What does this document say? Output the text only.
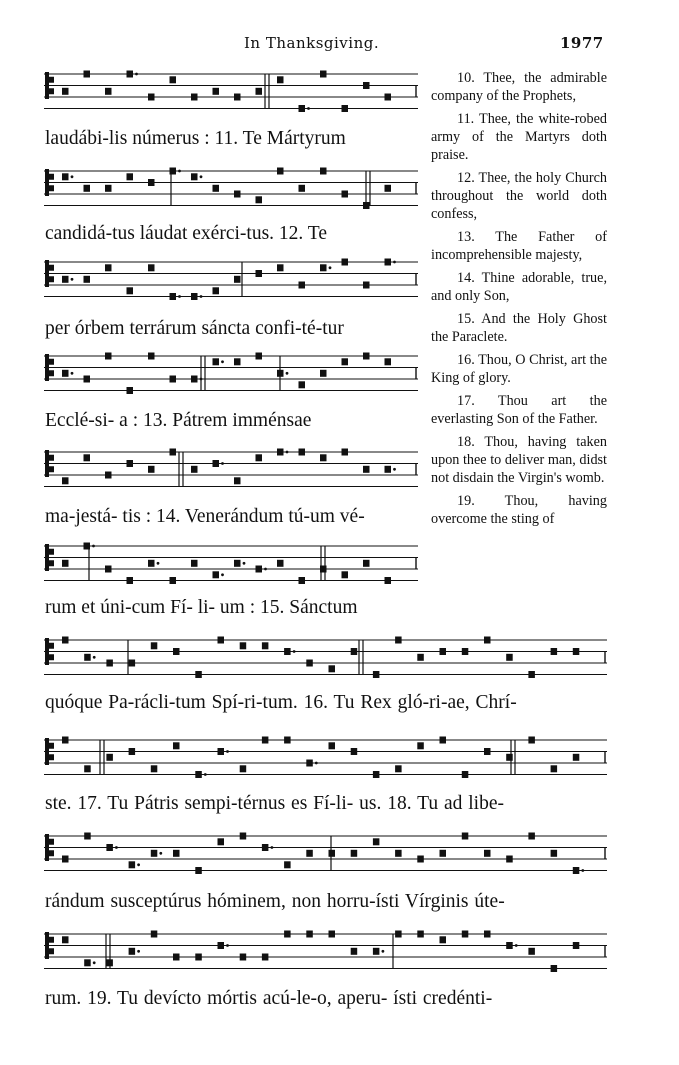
In Thanksgiving.	1977
laudábi-lis númerus : 11. Te Mártyrum
candidá-tus láudat exérci-tus. 12. Te
per órbem terrárum sáncta confi-té-tur
Ecclé-si- a : 13. Pátrem imménsae
ma-jestá- tis : 14. Venerándum tú-um vé-
rum et úni-cum Fí- li- um : 15. Sánctum
quóque Pa-rácli-tum Spí-ri-tum. 16. Tu Rex gló-ri-ae, Chrí-
ste. 17. Tu Pátris sempi-térnus es Fí-li- us. 18. Tu ad libe-
rándum susceptúrus hóminem, non horru-ísti Vírginis úte-
rum. 19. Tu devícto mórtis acú-le-o, aperu- ísti credénti-

10. Thee, the admirable company of the Prophets,

11. Thee, the white-robed army of the Martyrs doth praise.

12. Thee, the holy Church throughout the world doth confess,

13. The Father of incomprehensible majesty,

14. Thine adorable, true, and only Son,

15. And the Holy Ghost the Paraclete.

16. Thou, O Christ, art the King of glory.

17. Thou art the everlasting Son of the Father.

18. Thou, having taken upon thee to deliver man, didst not disdain the Virgin's womb.

19. Thou, having overcome the sting of
